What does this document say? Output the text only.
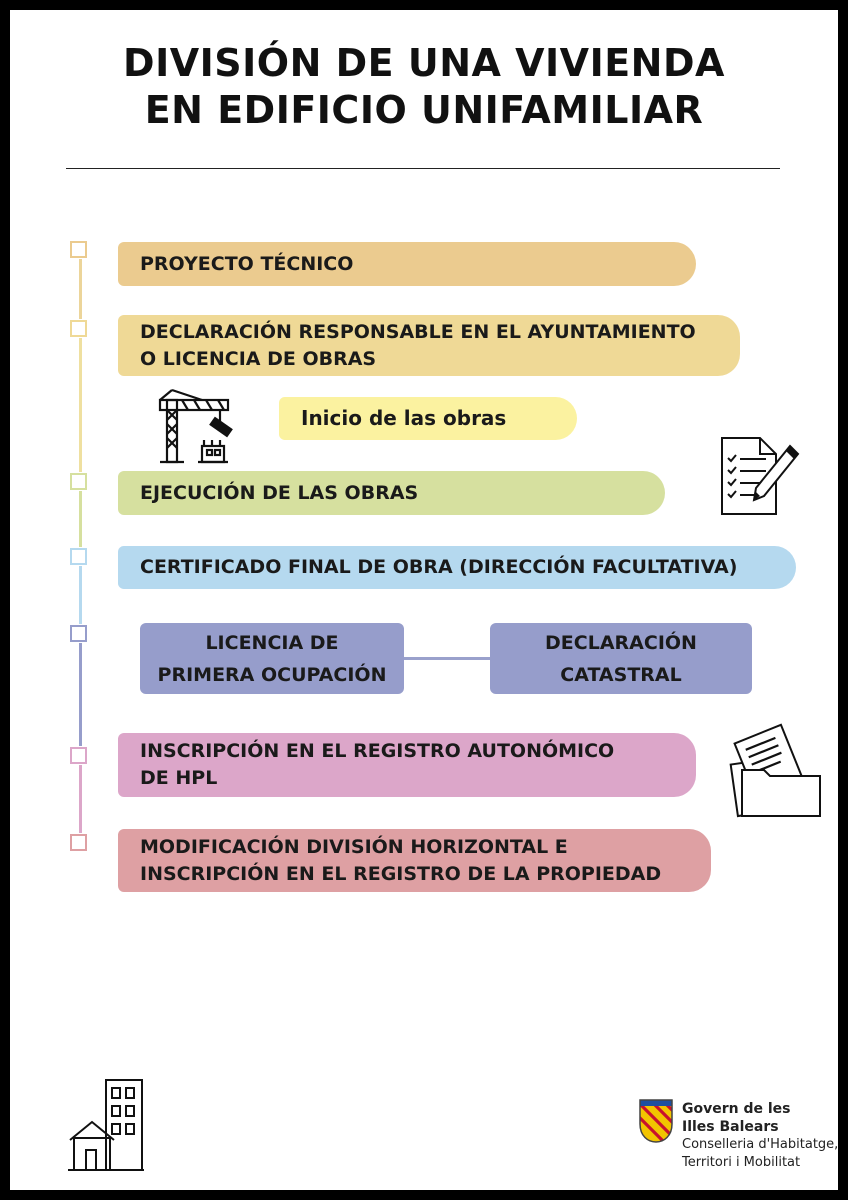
DIVISIÓN DE UNA VIVIENDA
EN EDIFICIO UNIFAMILIAR
PROYECTO TÉCNICO
DECLARACIÓN RESPONSABLE EN EL AYUNTAMIENTO
O LICENCIA DE OBRAS
Inicio de las obras
EJECUCIÓN DE LAS OBRAS
CERTIFICADO FINAL DE OBRA (DIRECCIÓN FACULTATIVA)
LICENCIA DE
PRIMERA OCUPACIÓN
DECLARACIÓN
CATASTRAL
INSCRIPCIÓN EN EL REGISTRO AUTONÓMICO
DE HPL
MODIFICACIÓN DIVISIÓN HORIZONTAL E
INSCRIPCIÓN EN EL REGISTRO DE LA PROPIEDAD
Govern de les
Illes Balears
Conselleria d'Habitatge,
Territori i Mobilitat
